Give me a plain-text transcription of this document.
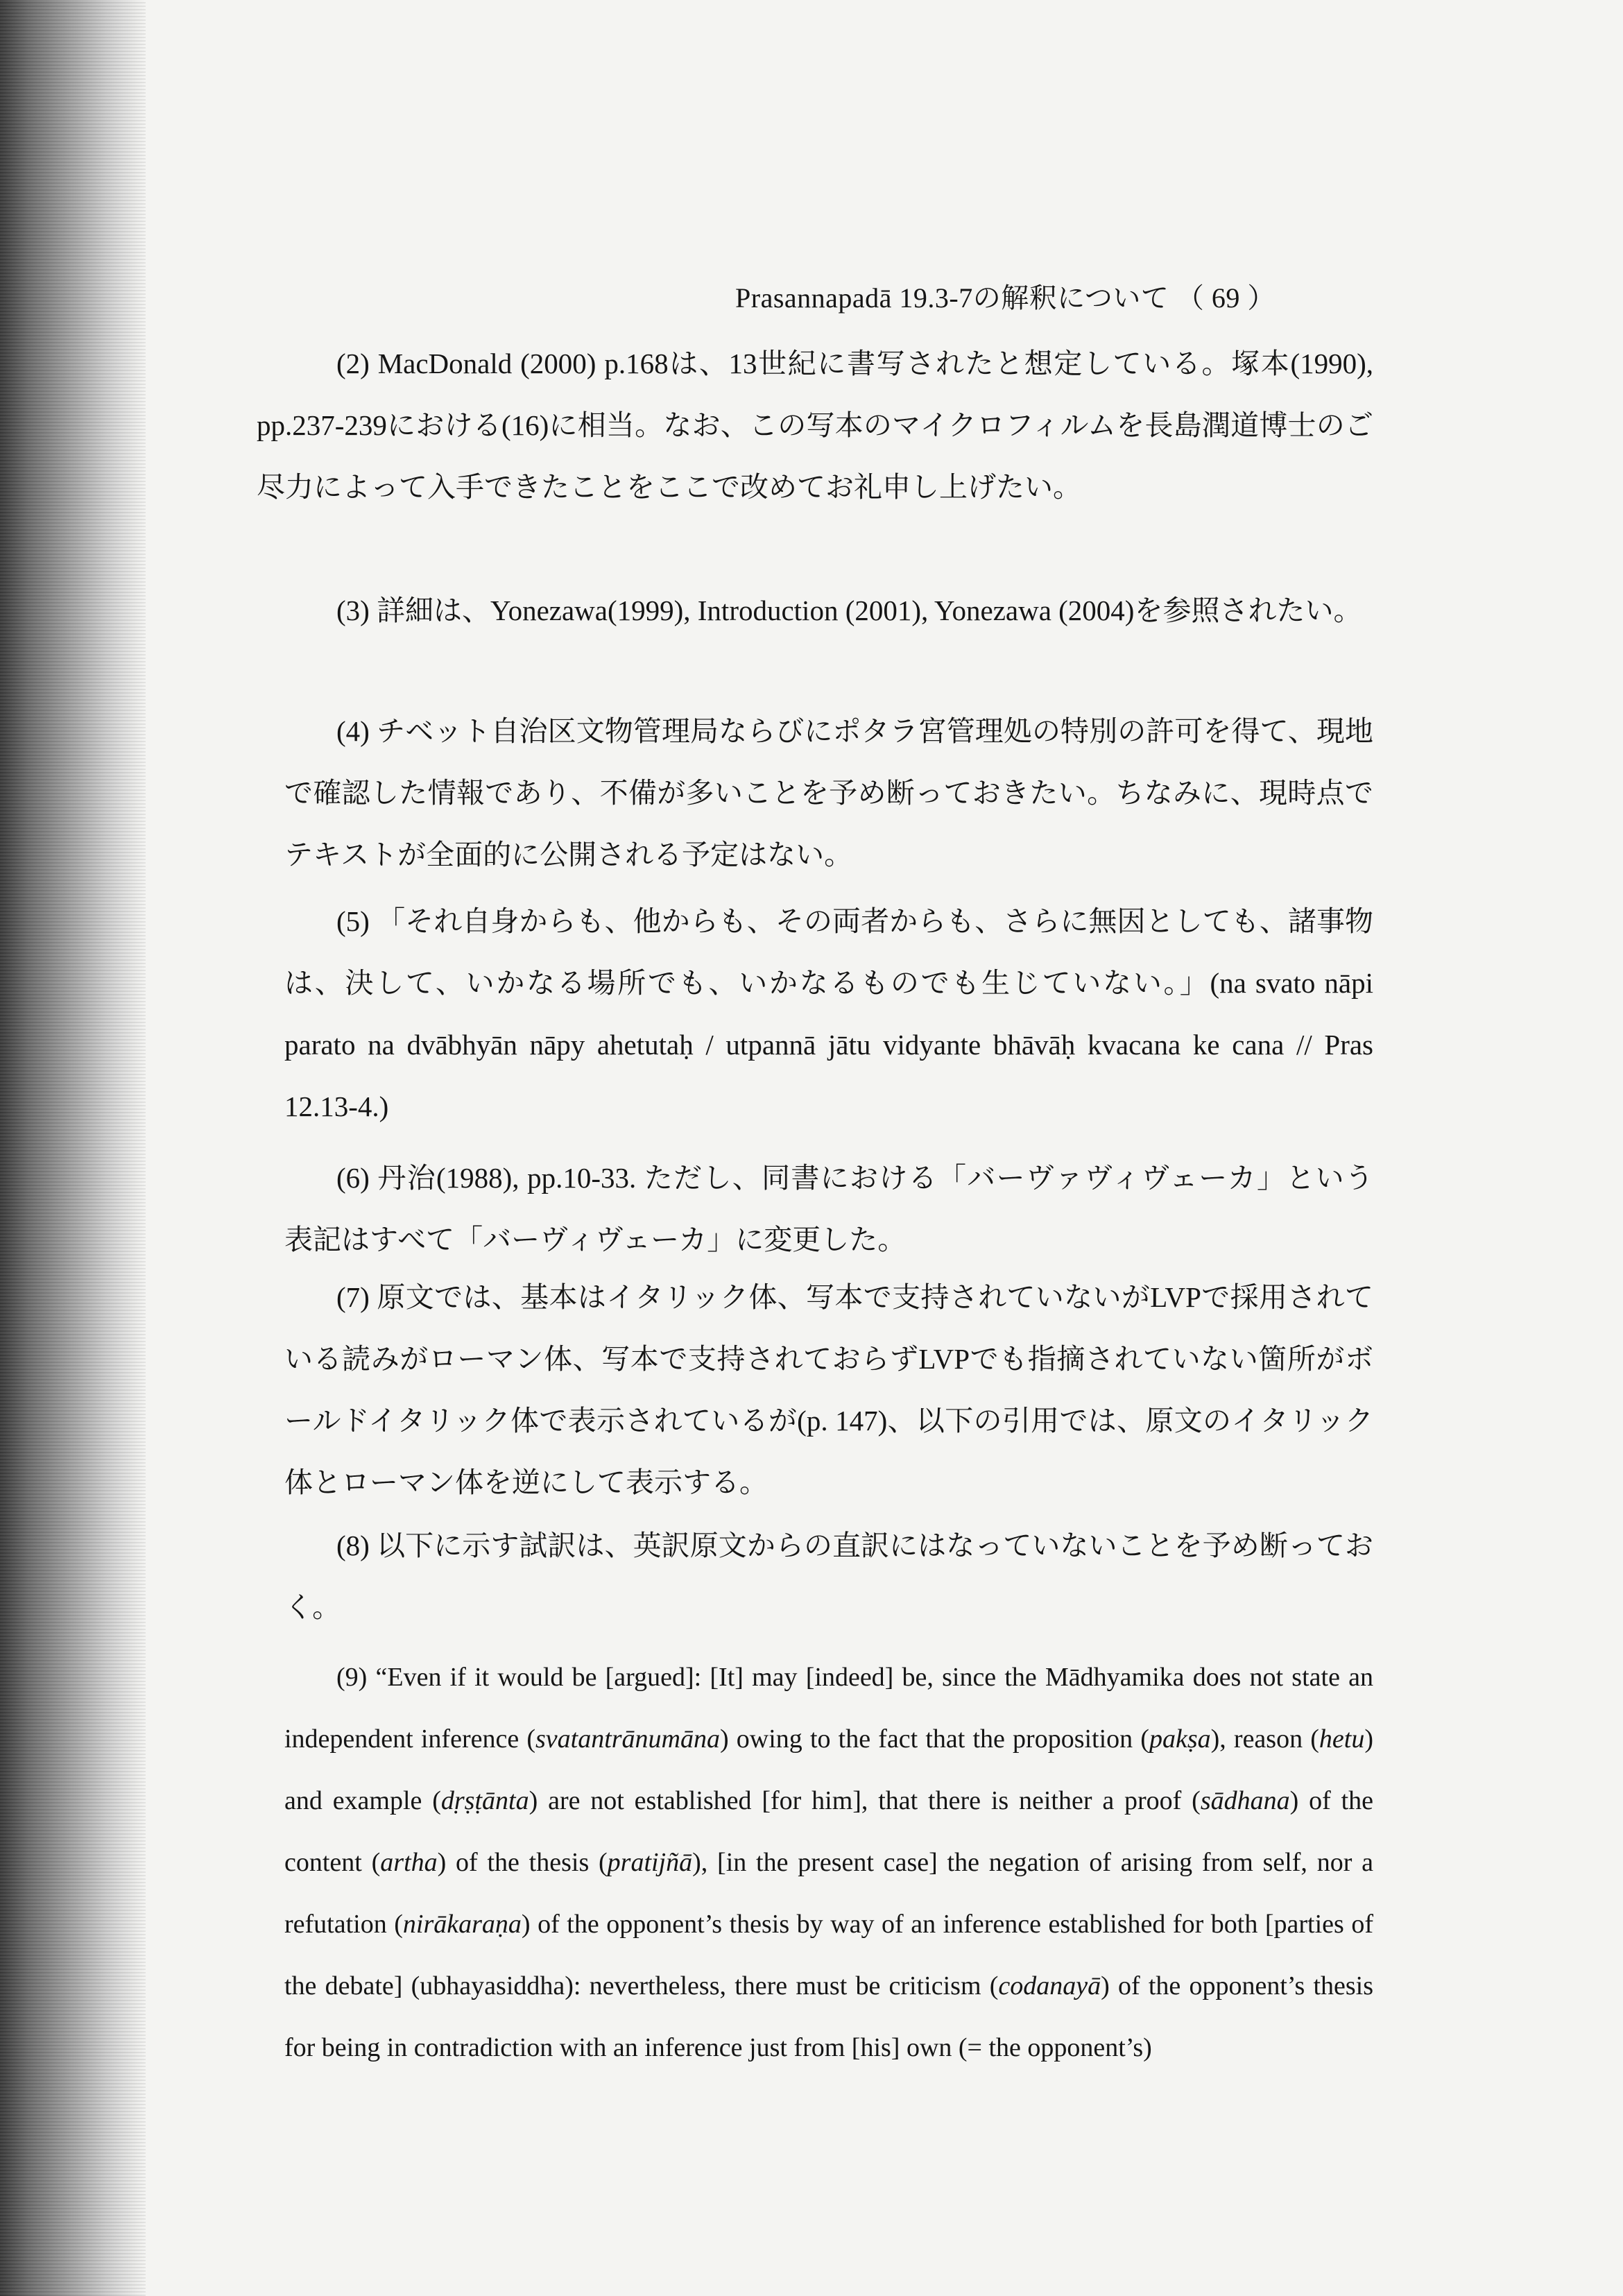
Prasannapadā 19.3-7の解釈について （ 69 ）
(2) MacDonald (2000) p.168は、13世紀に書写されたと想定している。塚本(1990), pp.237-239における(16)に相当。なお、この写本のマイクロフィルムを長島潤道博士のご尽力によって入手できたことをここで改めてお礼申し上げたい。
(3) 詳細は、Yonezawa(1999), Introduction (2001), Yonezawa (2004)を参照されたい。
(4) チベット自治区文物管理局ならびにポタラ宮管理処の特別の許可を得て、現地で確認した情報であり、不備が多いことを予め断っておきたい。ちなみに、現時点でテキストが全面的に公開される予定はない。
(5) 「それ自身からも、他からも、その両者からも、さらに無因としても、諸事物は、決して、いかなる場所でも、いかなるものでも生じていない。」(na svato nāpi parato na dvābhyān nāpy ahetutaḥ / utpannā jātu vidyante bhāvāḥ kvacana ke cana // Pras 12.13-4.)
(6) 丹治(1988), pp.10-33. ただし、同書における「バーヴァヴィヴェーカ」という表記はすべて「バーヴィヴェーカ」に変更した。
(7) 原文では、基本はイタリック体、写本で支持されていないがLVPで採用されている読みがローマン体、写本で支持されておらずLVPでも指摘されていない箇所がボールドイタリック体で表示されているが(p. 147)、以下の引用では、原文のイタリック体とローマン体を逆にして表示する。
(8) 以下に示す試訳は、英訳原文からの直訳にはなっていないことを予め断っておく。
(9) “Even if it would be [argued]: [It] may [indeed] be, since the Mādhyamika does not state an independent inference (svatantrānumāna) owing to the fact that the proposition (pakṣa), reason (hetu) and example (dṛṣṭānta) are not established [for him], that there is neither a proof (sādhana) of the content (artha) of the thesis (pratijñā), [in the present case] the negation of arising from self, nor a refutation (nirākaraṇa) of the opponent’s thesis by way of an inference established for both [parties of the debate] (ubhayasiddha): nevertheless, there must be criticism (codanayā) of the opponent’s thesis for being in contradiction with an inference just from [his] own (= the opponent’s)
